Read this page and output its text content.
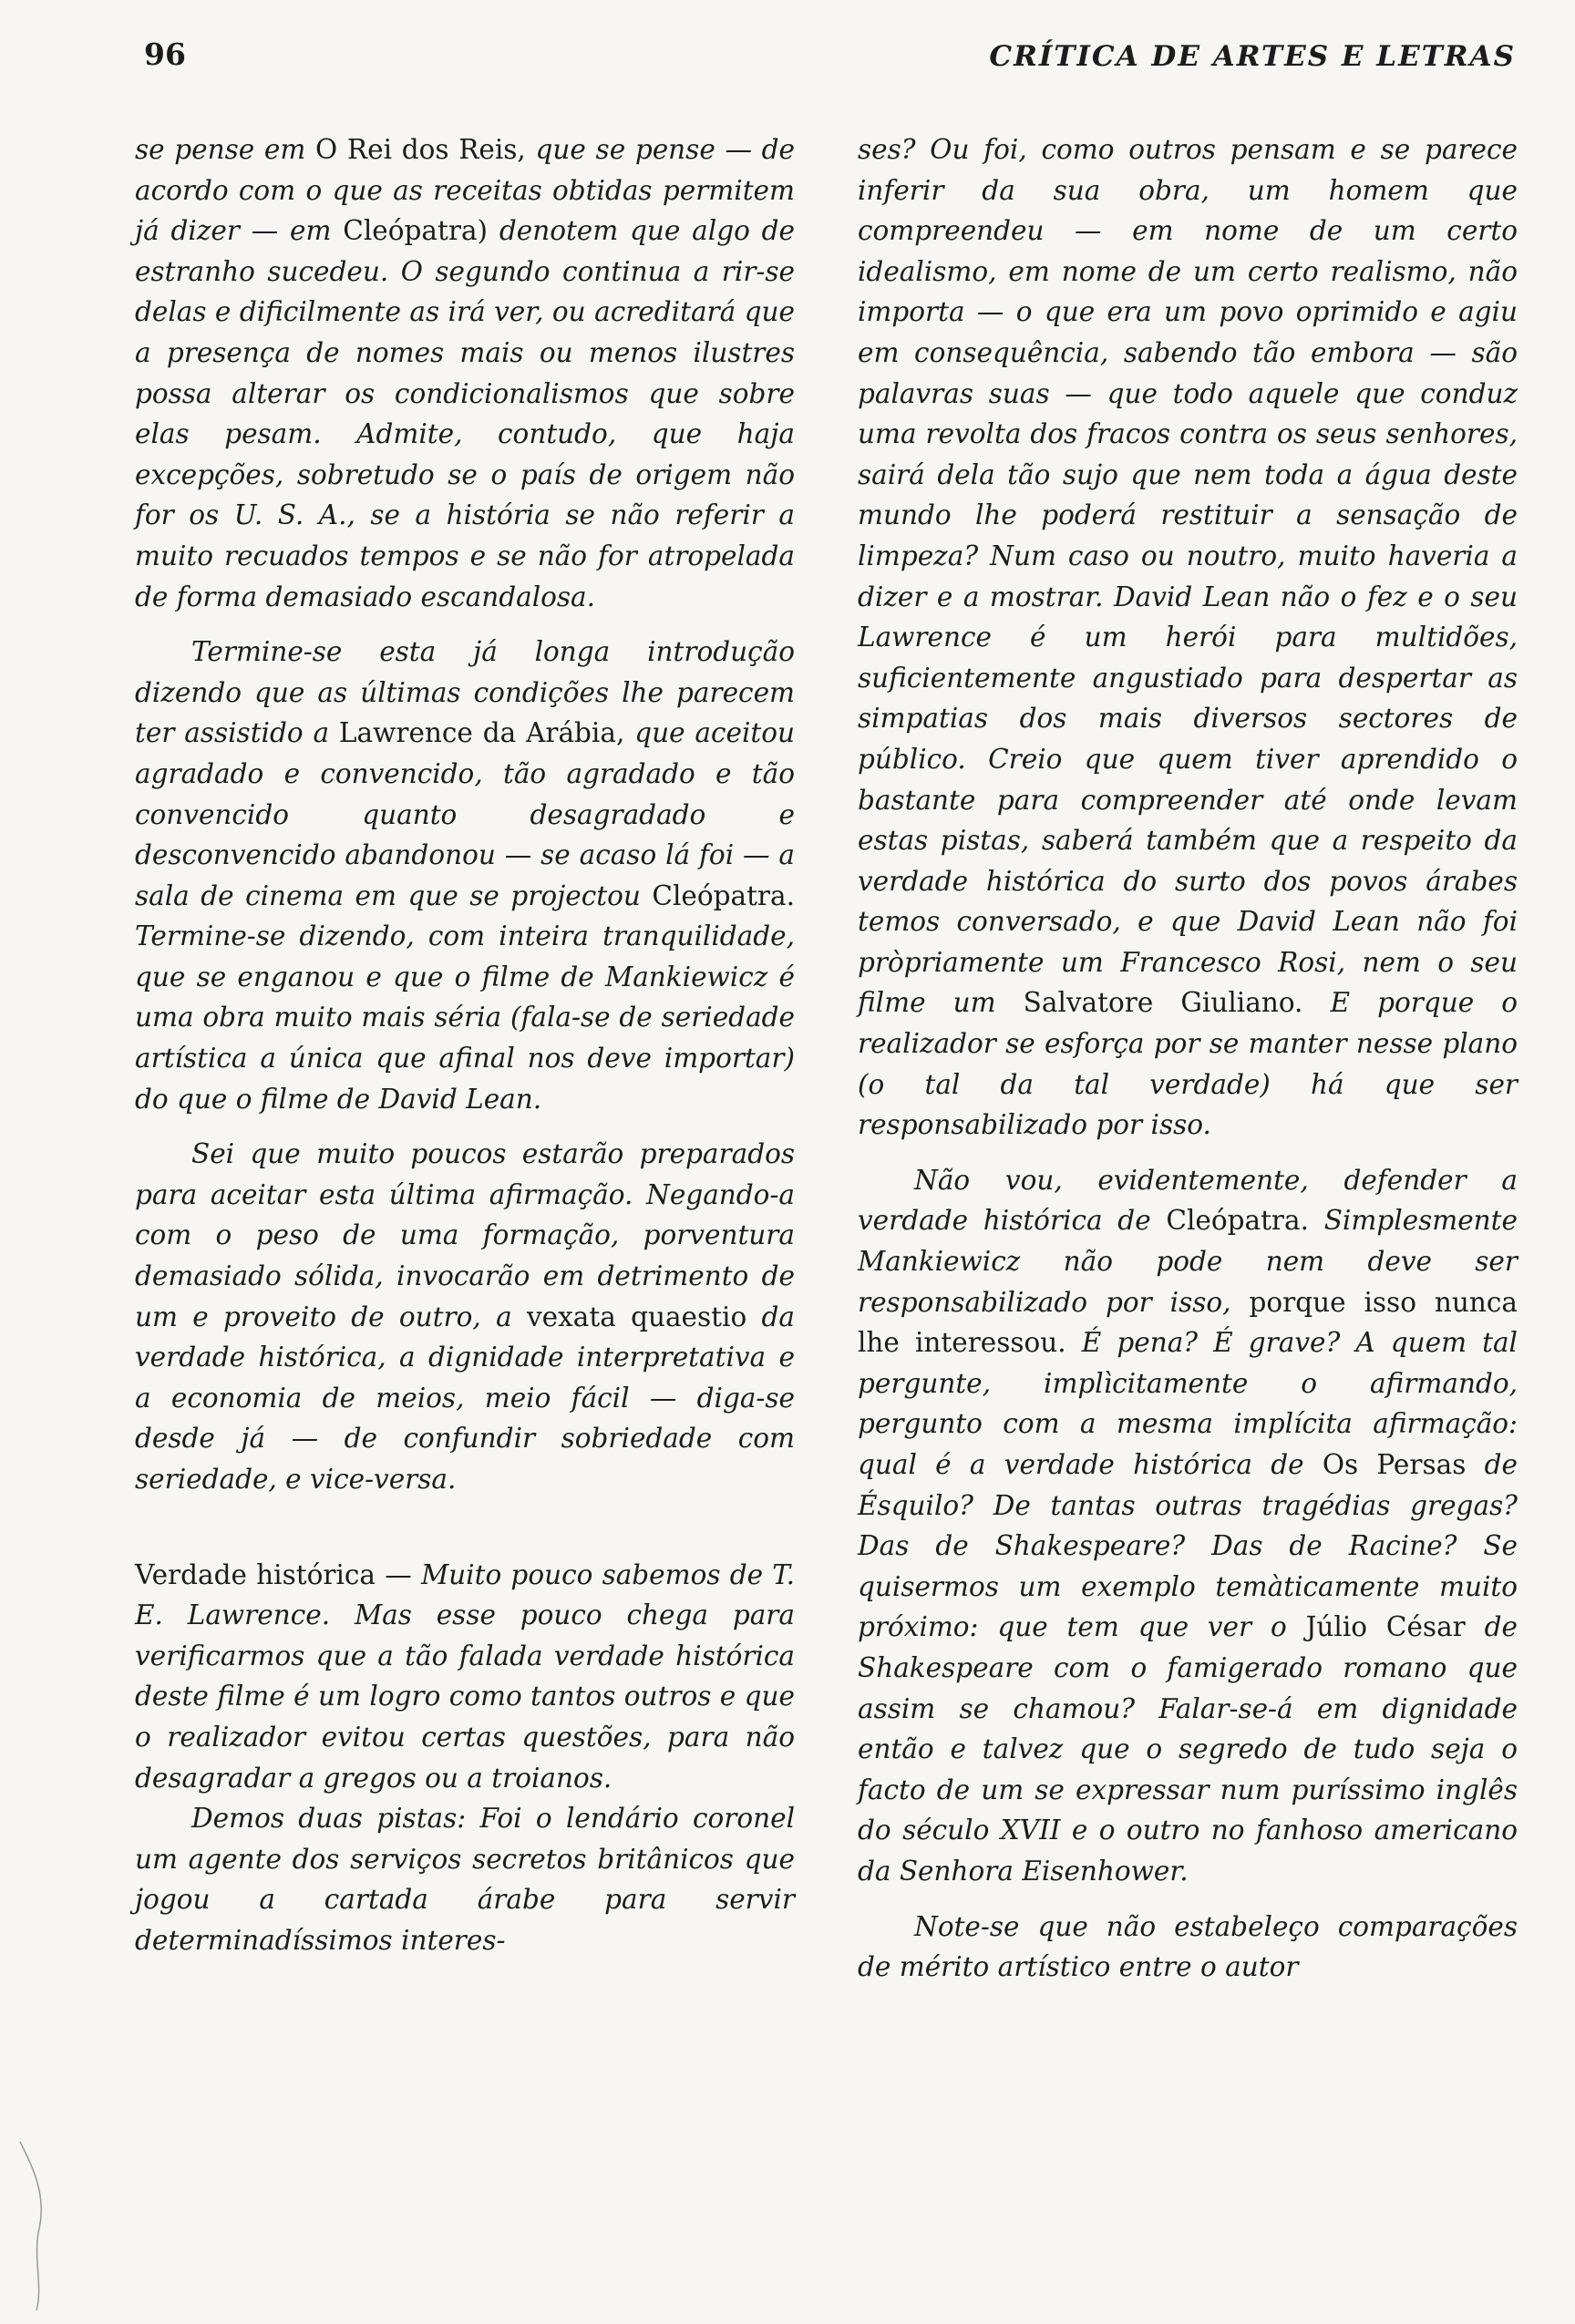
96	CRÍTICA DE ARTES E LETRAS

se pense em O Rei dos Reis, que se pense — de acordo com o que as receitas obtidas permitem já dizer — em Cleópatra) denotem que algo de estranho sucedeu. O segundo continua a rir-se delas e dificilmente as irá ver, ou acreditará que a presença de nomes mais ou menos ilustres possa alterar os condicionalismos que sobre elas pesam. Admite, contudo, que haja excepções, sobretudo se o país de origem não for os U. S. A., se a história se não referir a muito recuados tempos e se não for atropelada de forma demasiado escandalosa.

Termine-se esta já longa introdução dizendo que as últimas condições lhe parecem ter assistido a Lawrence da Arábia, que aceitou agradado e convencido, tão agradado e tão convencido quanto desagradado e desconvencido abandonou — se acaso lá foi — a sala de cinema em que se projectou Cleópatra. Termine-se dizendo, com inteira tranquilidade, que se enganou e que o filme de Mankiewicz é uma obra muito mais séria (fala-se de seriedade artística a única que afinal nos deve importar) do que o filme de David Lean.

Sei que muito poucos estarão preparados para aceitar esta última afirmação. Negando-a com o peso de uma formação, porventura demasiado sólida, invocarão em detrimento de um e proveito de outro, a vexata quaestio da verdade histórica, a dignidade interpretativa e a economia de meios, meio fácil — diga-se desde já — de confundir sobriedade com seriedade, e vice-versa.

Verdade histórica — Muito pouco sabemos de T. E. Lawrence. Mas esse pouco chega para verificarmos que a tão falada verdade histórica deste filme é um logro como tantos outros e que o realizador evitou certas questões, para não desagradar a gregos ou a troianos.

Demos duas pistas: Foi o lendário coronel um agente dos serviços secretos britânicos que jogou a cartada árabe para servir determinadíssimos interes-

ses? Ou foi, como outros pensam e se parece inferir da sua obra, um homem que compreendeu — em nome de um certo idealismo, em nome de um certo realismo, não importa — o que era um povo oprimido e agiu em consequência, sabendo tão embora — são palavras suas — que todo aquele que conduz uma revolta dos fracos contra os seus senhores, sairá dela tão sujo que nem toda a água deste mundo lhe poderá restituir a sensação de limpeza? Num caso ou noutro, muito haveria a dizer e a mostrar. David Lean não o fez e o seu Lawrence é um herói para multidões, suficientemente angustiado para despertar as simpatias dos mais diversos sectores de público. Creio que quem tiver aprendido o bastante para compreender até onde levam estas pistas, saberá também que a respeito da verdade histórica do surto dos povos árabes temos conversado, e que David Lean não foi pròpriamente um Francesco Rosi, nem o seu filme um Salvatore Giuliano. E porque o realizador se esforça por se manter nesse plano (o tal da tal verdade) há que ser responsabilizado por isso.

Não vou, evidentemente, defender a verdade histórica de Cleópatra. Simplesmente Mankiewicz não pode nem deve ser responsabilizado por isso, porque isso nunca lhe interessou. É pena? É grave? A quem tal pergunte, implìcitamente o afirmando, pergunto com a mesma implícita afirmação: qual é a verdade histórica de Os Persas de Ésquilo? De tantas outras tragédias gregas? Das de Shakespeare? Das de Racine? Se quisermos um exemplo temàticamente muito próximo: que tem que ver o Júlio César de Shakespeare com o famigerado romano que assim se chamou? Falar-se-á em dignidade então e talvez que o segredo de tudo seja o facto de um se expressar num puríssimo inglês do século XVII e o outro no fanhoso americano da Senhora Eisenhower.

Note-se que não estabeleço comparações de mérito artístico entre o autor
